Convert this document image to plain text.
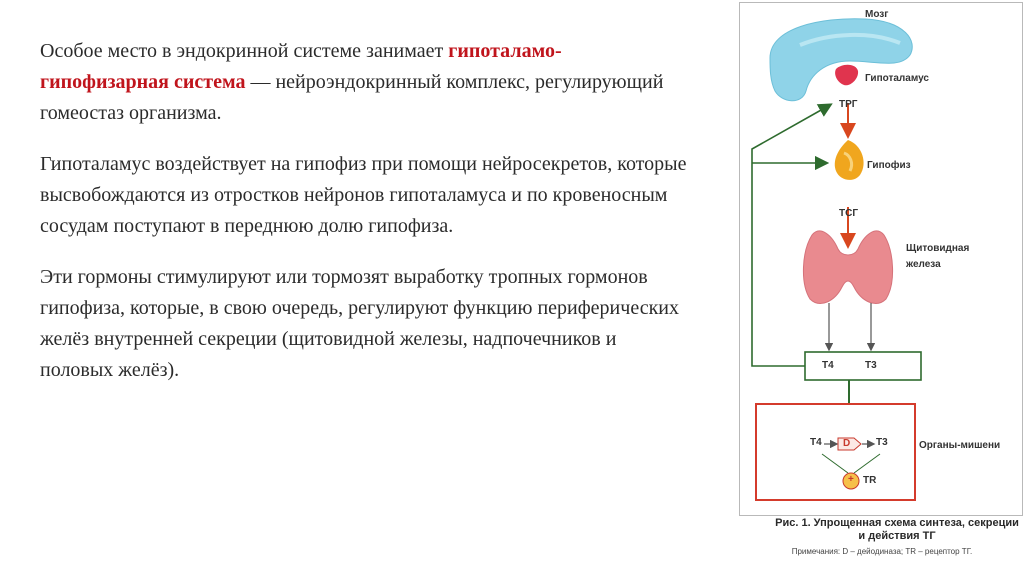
Особое место в эндокринной системе занимает гипоталамо-гипофизарная система — нейроэндокринный комплекс, регулирующий гомеостаз организма.

Гипоталамус воздействует на гипофиз при помощи нейросекретов, которые высвобождаются из отростков нейронов гипоталамуса и по кровеносным сосудам поступают в переднюю долю гипофиза.

Эти гормоны стимулируют или тормозят выработку тропных гормонов гипофиза, которые, в свою очередь, регулируют функцию периферических желёз внутренней секреции (щитовидной железы, надпочечников и половых желёз).

Мозг
Гипоталамус
ТРГ
Гипофиз
ТСГ
Щитовидная
железа
Т4	Т3
Органы-мишени
Т4 D	Т3
+ TR
Рис. 1. Упрощенная схема синтеза, секреции и действия ТГ
Примечания: D – дейодиназа; TR – рецептор ТГ.
